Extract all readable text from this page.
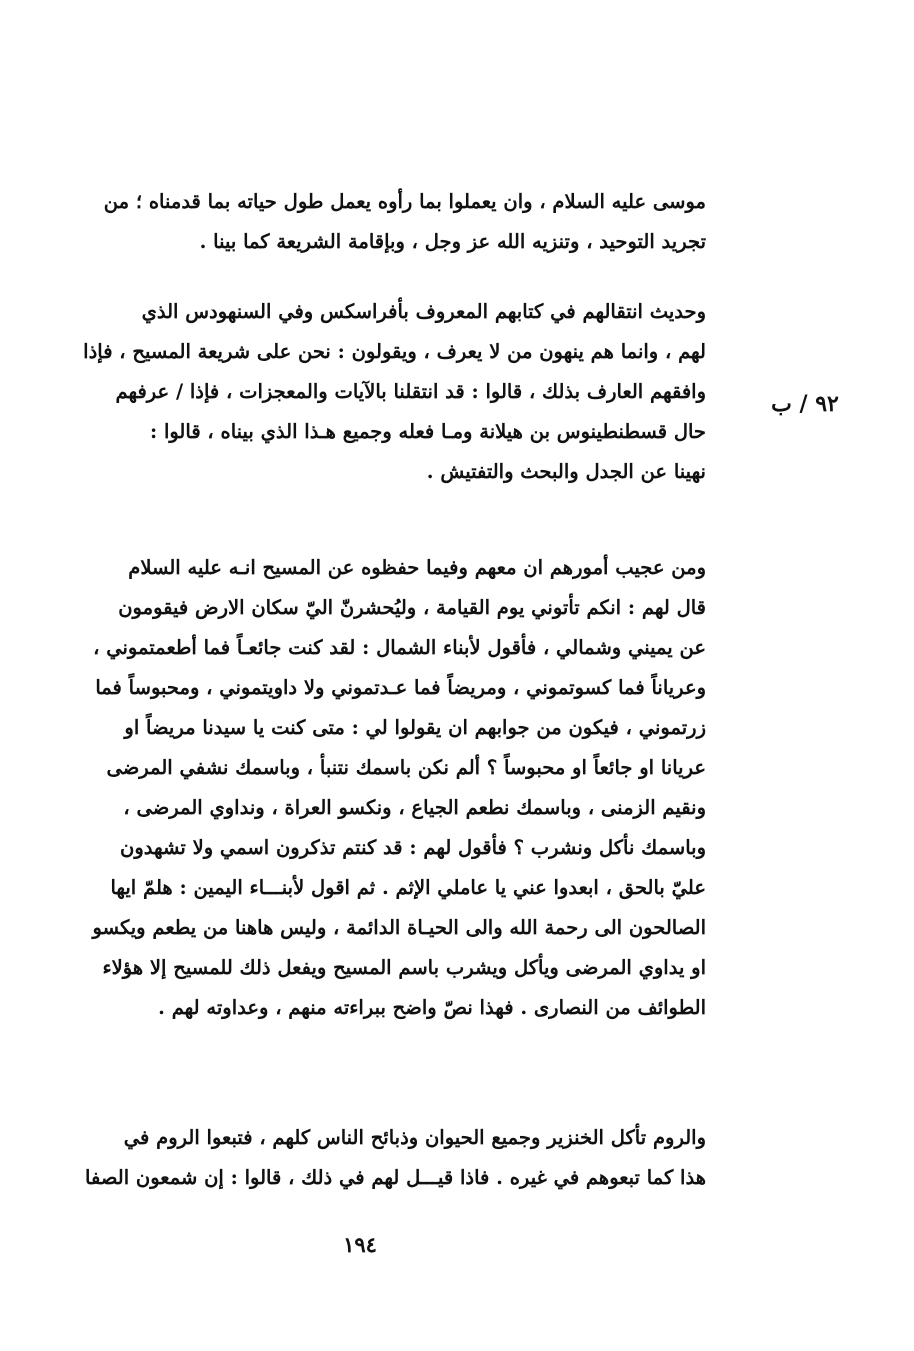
٩٢ / ب
موسى عليه السلام ، وان يعملوا بما رأوه يعمل طول حياته بما قدمناه ؛ من
تجريد التوحيد ، وتنزيه الله عز وجل ، وبإقامة الشريعة كما بينا .
وحديث انتقالهم في كتابهم المعروف بأفراسكس وفي السنهودس الذي
لهم ، وانما هم ينهون من لا يعرف ، ويقولون : نحن على شريعة المسيح ، فإذا
وافقهم العارف بذلك ، قالوا : قد انتقلنا بالآيات والمعجزات ، فإذا / عرفهم
حال قسطنطينوس بن هيلانة ومـا فعله وجميع هـذا الذي بيناه ، قالوا :
نهينا عن الجدل والبحث والتفتيش .
ومن عجيب أمورهم ان معهم وفيما حفظوه عن المسيح انـه عليه السلام
قال لهم : انكم تأتوني يوم القيامة ، وليُحشرنّ اليّ سكان الارض فيقومون
عن يميني وشمالي ، فأقول لأبناء الشمال : لقد كنت جائعـاً فما أطعمتموني ،
وعرياناً فما كسوتموني ، ومريضاً فما عـدتموني ولا داويتموني ، ومحبوساً فما
زرتموني ، فيكون من جوابهم ان يقولوا لي : متى كنت يا سيدنا مريضاً او
عريانا او جائعاً او محبوساً ؟ ألم نكن باسمك نتنبأ ، وباسمك نشفي المرضى
ونقيم الزمنى ، وباسمك نطعم الجياع ، ونكسو العراة ، ونداوي المرضى ،
وباسمك نأكل ونشرب ؟ فأقول لهم : قد كنتم تذكرون اسمي ولا تشهدون
عليّ بالحق ، ابعدوا عني يا عاملي الإثم . ثم اقول لأبنـــاء اليمين : هلمّ ايها
الصالحون الى رحمة الله والى الحيـاة الدائمة ، وليس هاهنا من يطعم ويكسو
او يداوي المرضى ويأكل ويشرب باسم المسيح ويفعل ذلك للمسيح إلا هؤلاء
الطوائف من النصارى . فهذا نصّ واضح ببراءته منهم ، وعداوته لهم .
والروم تأكل الخنزير وجميع الحيوان وذبائح الناس كلهم ، فتبعوا الروم في
هذا كما تبعوهم في غيره . فاذا قيـــل لهم في ذلك ، قالوا : إن شمعون الصفا
١٩٤
